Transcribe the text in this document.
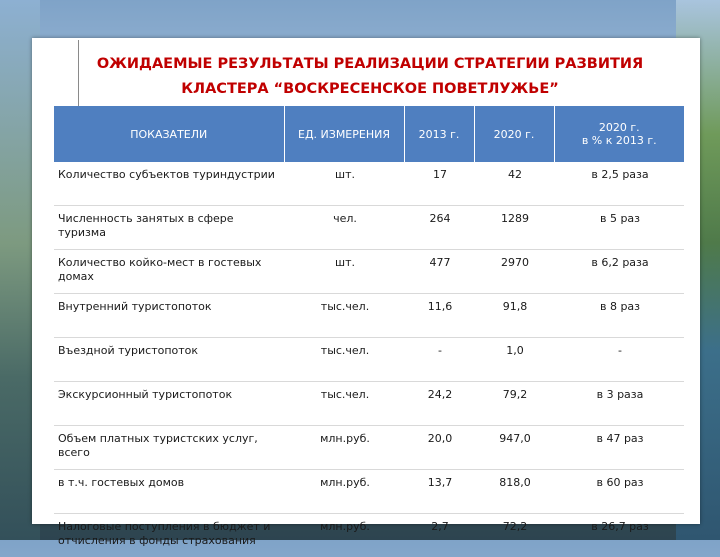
ОЖИДАЕМЫЕ РЕЗУЛЬТАТЫ РЕАЛИЗАЦИИ СТРАТЕГИИ РАЗВИТИЯ
КЛАСТЕРА “ВОСКРЕСЕНСКОЕ ПОВЕТЛУЖЬЕ”
ПОКАЗАТЕЛИ	ЕД. ИЗМЕРЕНИЯ	2013 г.	2020 г.	2020 г.
в % к 2013 г.

Количество субъектов туриндустрии	шт.	17	42	в 2,5 раза
Численность занятых в сфере туризма	чел.	264	1289	в 5 раз
Количество койко-мест в гостевых домах	шт.	477	2970	в 6,2 раза
Внутренний туристопоток	тыс.чел.	11,6	91,8	в 8 раз
Въездной туристопоток	тыс.чел.	-	1,0	-
Экскурсионный туристопоток	тыс.чел.	24,2	79,2	в 3 раза
Объем платных туристских услуг, всего	млн.руб.	20,0	947,0	в 47 раз
в т.ч. гостевых домов	млн.руб.	13,7	818,0	в 60 раз
Налоговые поступления в бюджет и отчисления в фонды страхования	млн.руб.	2,7	72,2	в 26,7 раз
